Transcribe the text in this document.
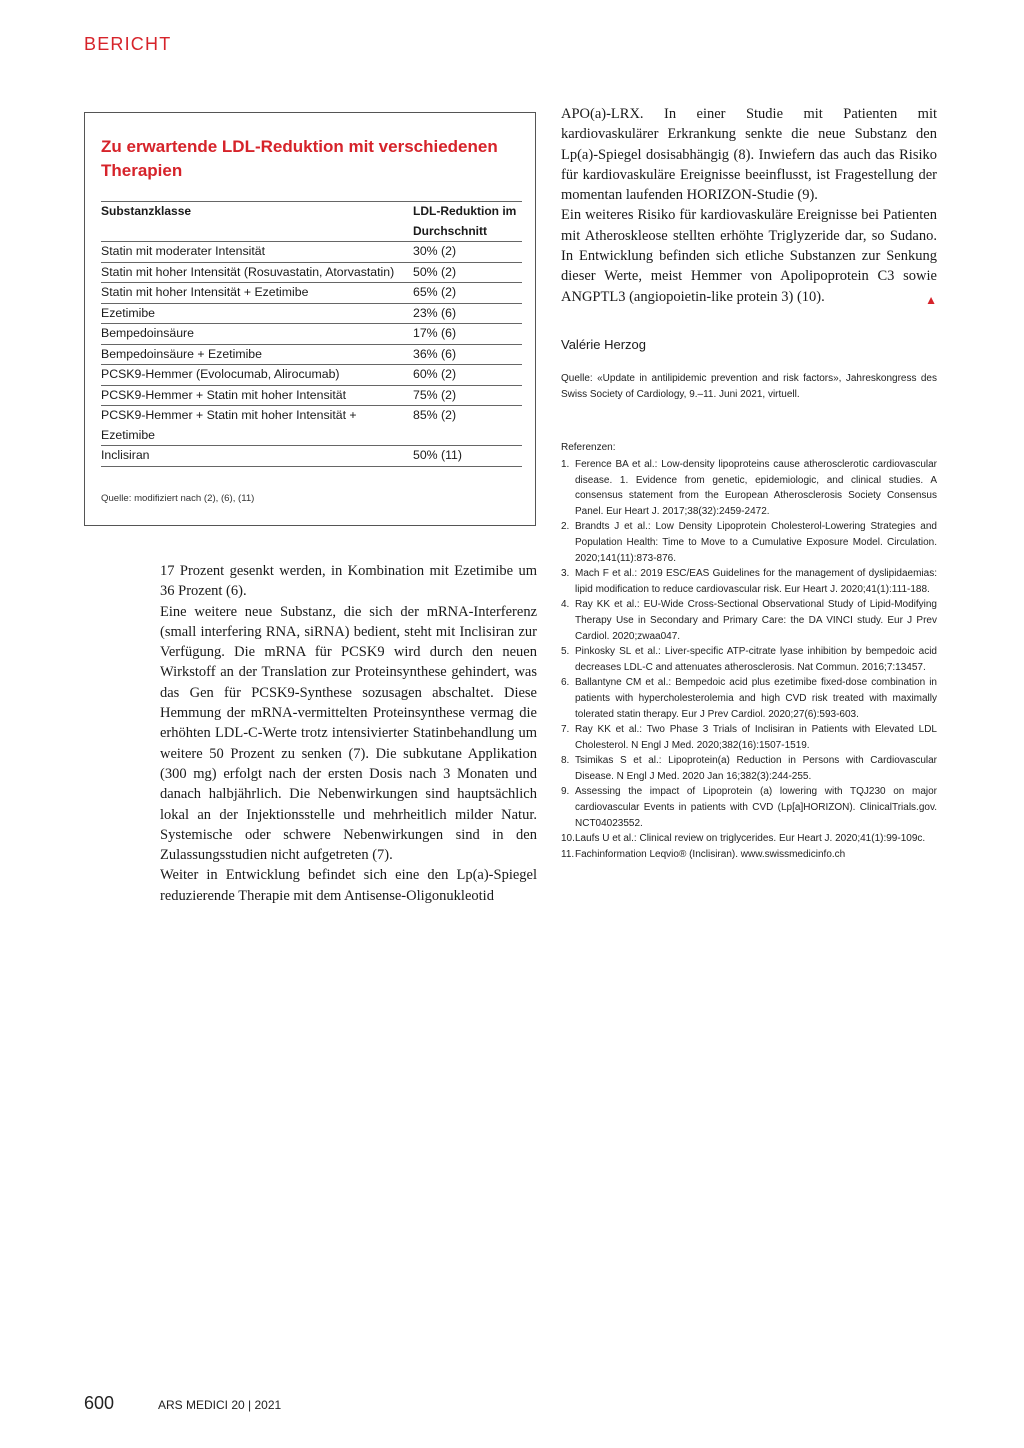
BERICHT
Zu erwartende LDL-Reduktion mit verschiedenen Therapien
Substanzklasse	LDL-Reduktion im Durchschnitt
Statin mit moderater Intensität	30% (2)
Statin mit hoher Intensität (Rosuvastatin, Atorvastatin)	50% (2)
Statin mit hoher Intensität + Ezetimibe	65% (2)
Ezetimibe	23% (6)
Bempedoinsäure	17% (6)
Bempedoinsäure + Ezetimibe	36% (6)
PCSK9-Hemmer (Evolocumab, Alirocumab)	60% (2)
PCSK9-Hemmer + Statin mit hoher Intensität	75% (2)
PCSK9-Hemmer + Statin mit hoher Intensität + Ezetimibe	85% (2)
Inclisiran	50% (11)
Quelle: modifiziert nach (2), (6), (11)

17 Prozent gesenkt werden, in Kombination mit Ezetimibe um 36 Prozent (6).

Eine weitere neue Substanz, die sich der mRNA-Interferenz (small interfering RNA, siRNA) bedient, steht mit Inclisiran zur Verfügung. Die mRNA für PCSK9 wird durch den neuen Wirkstoff an der Translation zur Proteinsynthese gehindert, was das Gen für PCSK9-Synthese sozusagen abschaltet. Diese Hemmung der mRNA-vermittelten Proteinsynthese vermag die erhöhten LDL-C-Werte trotz intensivierter Statinbehandlung um weitere 50 Prozent zu senken (7). Die subkutane Applikation (300 mg) erfolgt nach der ersten Dosis nach 3 Monaten und danach halbjährlich. Die Nebenwirkungen sind hauptsächlich lokal an der Injektionsstelle und mehrheitlich milder Natur. Systemische oder schwere Nebenwirkungen sind in den Zulassungsstudien nicht aufgetreten (7).

Weiter in Entwicklung befindet sich eine den Lp(a)-Spiegel reduzierende Therapie mit dem Antisense-Oligonukleotid

APO(a)-LRX. In einer Studie mit Patienten mit kardiovaskulärer Erkrankung senkte die neue Substanz den Lp(a)-Spiegel dosisabhängig (8). Inwiefern das auch das Risiko für kardiovaskuläre Ereignisse beeinflusst, ist Fragestellung der momentan laufenden HORIZON-Studie (9).

Ein weiteres Risiko für kardiovaskuläre Ereignisse bei Patienten mit Atheroskleose stellten erhöhte Triglyzeride dar, so Sudano. In Entwicklung befinden sich etliche Substanzen zur Senkung dieser Werte, meist Hemmer von Apolipoprotein C3 sowie ANGPTL3 (angiopoietin-like protein 3) (10).	▲

Valérie Herzog
Quelle: «Update in antilipidemic prevention and risk factors», Jahreskongress des Swiss Society of Cardiology, 9.–11. Juni 2021, virtuell.
Referenzen:
1. Ference BA et al.: Low-density lipoproteins cause atherosclerotic cardiovascular disease. 1. Evidence from genetic, epidemiologic, and clinical studies. A consensus statement from the European Atherosclerosis Society Consensus Panel. Eur Heart J. 2017;38(32):2459-2472.
2. Brandts J et al.: Low Density Lipoprotein Cholesterol-Lowering Strategies and Population Health: Time to Move to a Cumulative Exposure Model. Circulation. 2020;141(11):873-876.
3. Mach F et al.: 2019 ESC/EAS Guidelines for the management of dyslipidaemias: lipid modification to reduce cardiovascular risk. Eur Heart J. 2020;41(1):111-188.
4. Ray KK et al.: EU-Wide Cross-Sectional Observational Study of Lipid-Modifying Therapy Use in Secondary and Primary Care: the DA VINCI study. Eur J Prev Cardiol. 2020;zwaa047.
5. Pinkosky SL et al.: Liver-specific ATP-citrate lyase inhibition by bempedoic acid decreases LDL-C and attenuates atherosclerosis. Nat Commun. 2016;7:13457.
6. Ballantyne CM et al.: Bempedoic acid plus ezetimibe fixed-dose combination in patients with hypercholesterolemia and high CVD risk treated with maximally tolerated statin therapy. Eur J Prev Cardiol. 2020;27(6):593-603.
7. Ray KK et al.: Two Phase 3 Trials of Inclisiran in Patients with Elevated LDL Cholesterol. N Engl J Med. 2020;382(16):1507-1519.
8. Tsimikas S et al.: Lipoprotein(a) Reduction in Persons with Cardiovascular Disease. N Engl J Med. 2020 Jan 16;382(3):244-255.
9. Assessing the impact of Lipoprotein (a) lowering with TQJ230 on major cardiovascular Events in patients with CVD (Lp[a]HORIZON). ClinicalTrials.gov. NCT04023552.
10. Laufs U et al.: Clinical review on triglycerides. Eur Heart J. 2020;41(1):99-109c.
11. Fachinformation Leqvio® (Inclisiran). www.swissmedicinfo.ch
600	ARS MEDICI 20 | 2021
